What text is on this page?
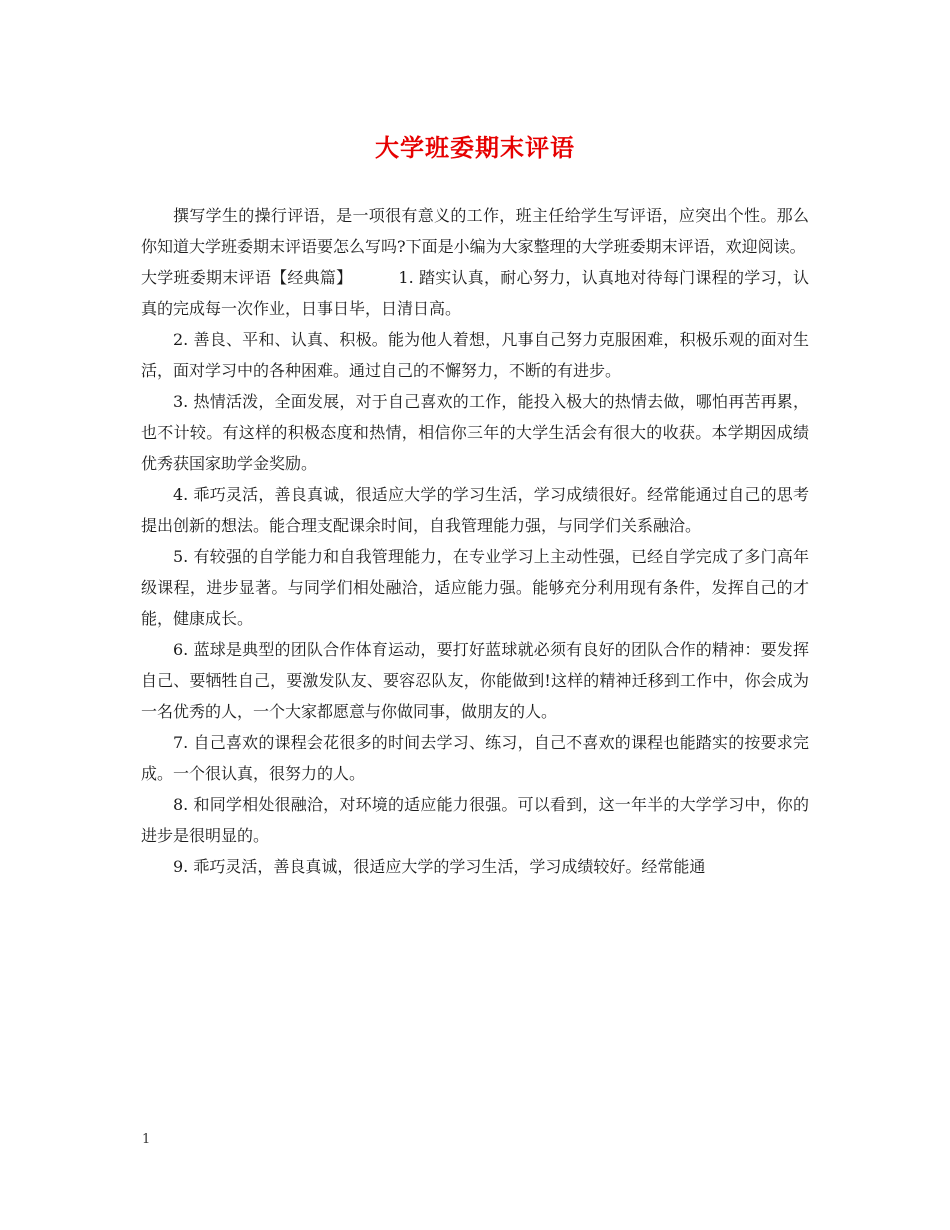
大学班委期末评语

撰写学生的操行评语，是一项很有意义的工作，班主任给学生写评语，应突出个性。那么你知道大学班委期末评语要怎么写吗?下面是小编为大家整理的大学班委期末评语，欢迎阅读。

大学班委期末评语【经典篇】	1. 踏实认真，耐心努力，认真地对待每门课程的学习，认真的完成每一次作业，日事日毕，日清日高。

2. 善良、平和、认真、积极。能为他人着想，凡事自己努力克服困难，积极乐观的面对生活，面对学习中的各种困难。通过自己的不懈努力，不断的有进步。

3. 热情活泼，全面发展，对于自己喜欢的工作，能投入极大的热情去做，哪怕再苦再累，也不计较。有这样的积极态度和热情，相信你三年的大学生活会有很大的收获。本学期因成绩优秀获国家助学金奖励。

4. 乖巧灵活，善良真诚，很适应大学的学习生活，学习成绩很好。经常能通过自己的思考提出创新的想法。能合理支配课余时间，自我管理能力强，与同学们关系融洽。

5. 有较强的自学能力和自我管理能力，在专业学习上主动性强，已经自学完成了多门高年级课程，进步显著。与同学们相处融洽，适应能力强。能够充分利用现有条件，发挥自己的才能，健康成长。

6. 蓝球是典型的团队合作体育运动，要打好蓝球就必须有良好的团队合作的精神：要发挥自己、要牺牲自己，要激发队友、要容忍队友，你能做到!这样的精神迁移到工作中，你会成为一名优秀的人，一个大家都愿意与你做同事，做朋友的人。

7. 自己喜欢的课程会花很多的时间去学习、练习，自己不喜欢的课程也能踏实的按要求完成。一个很认真，很努力的人。

8. 和同学相处很融洽，对环境的适应能力很强。可以看到，这一年半的大学学习中，你的进步是很明显的。

9. 乖巧灵活，善良真诚，很适应大学的学习生活，学习成绩较好。经常能通

1
